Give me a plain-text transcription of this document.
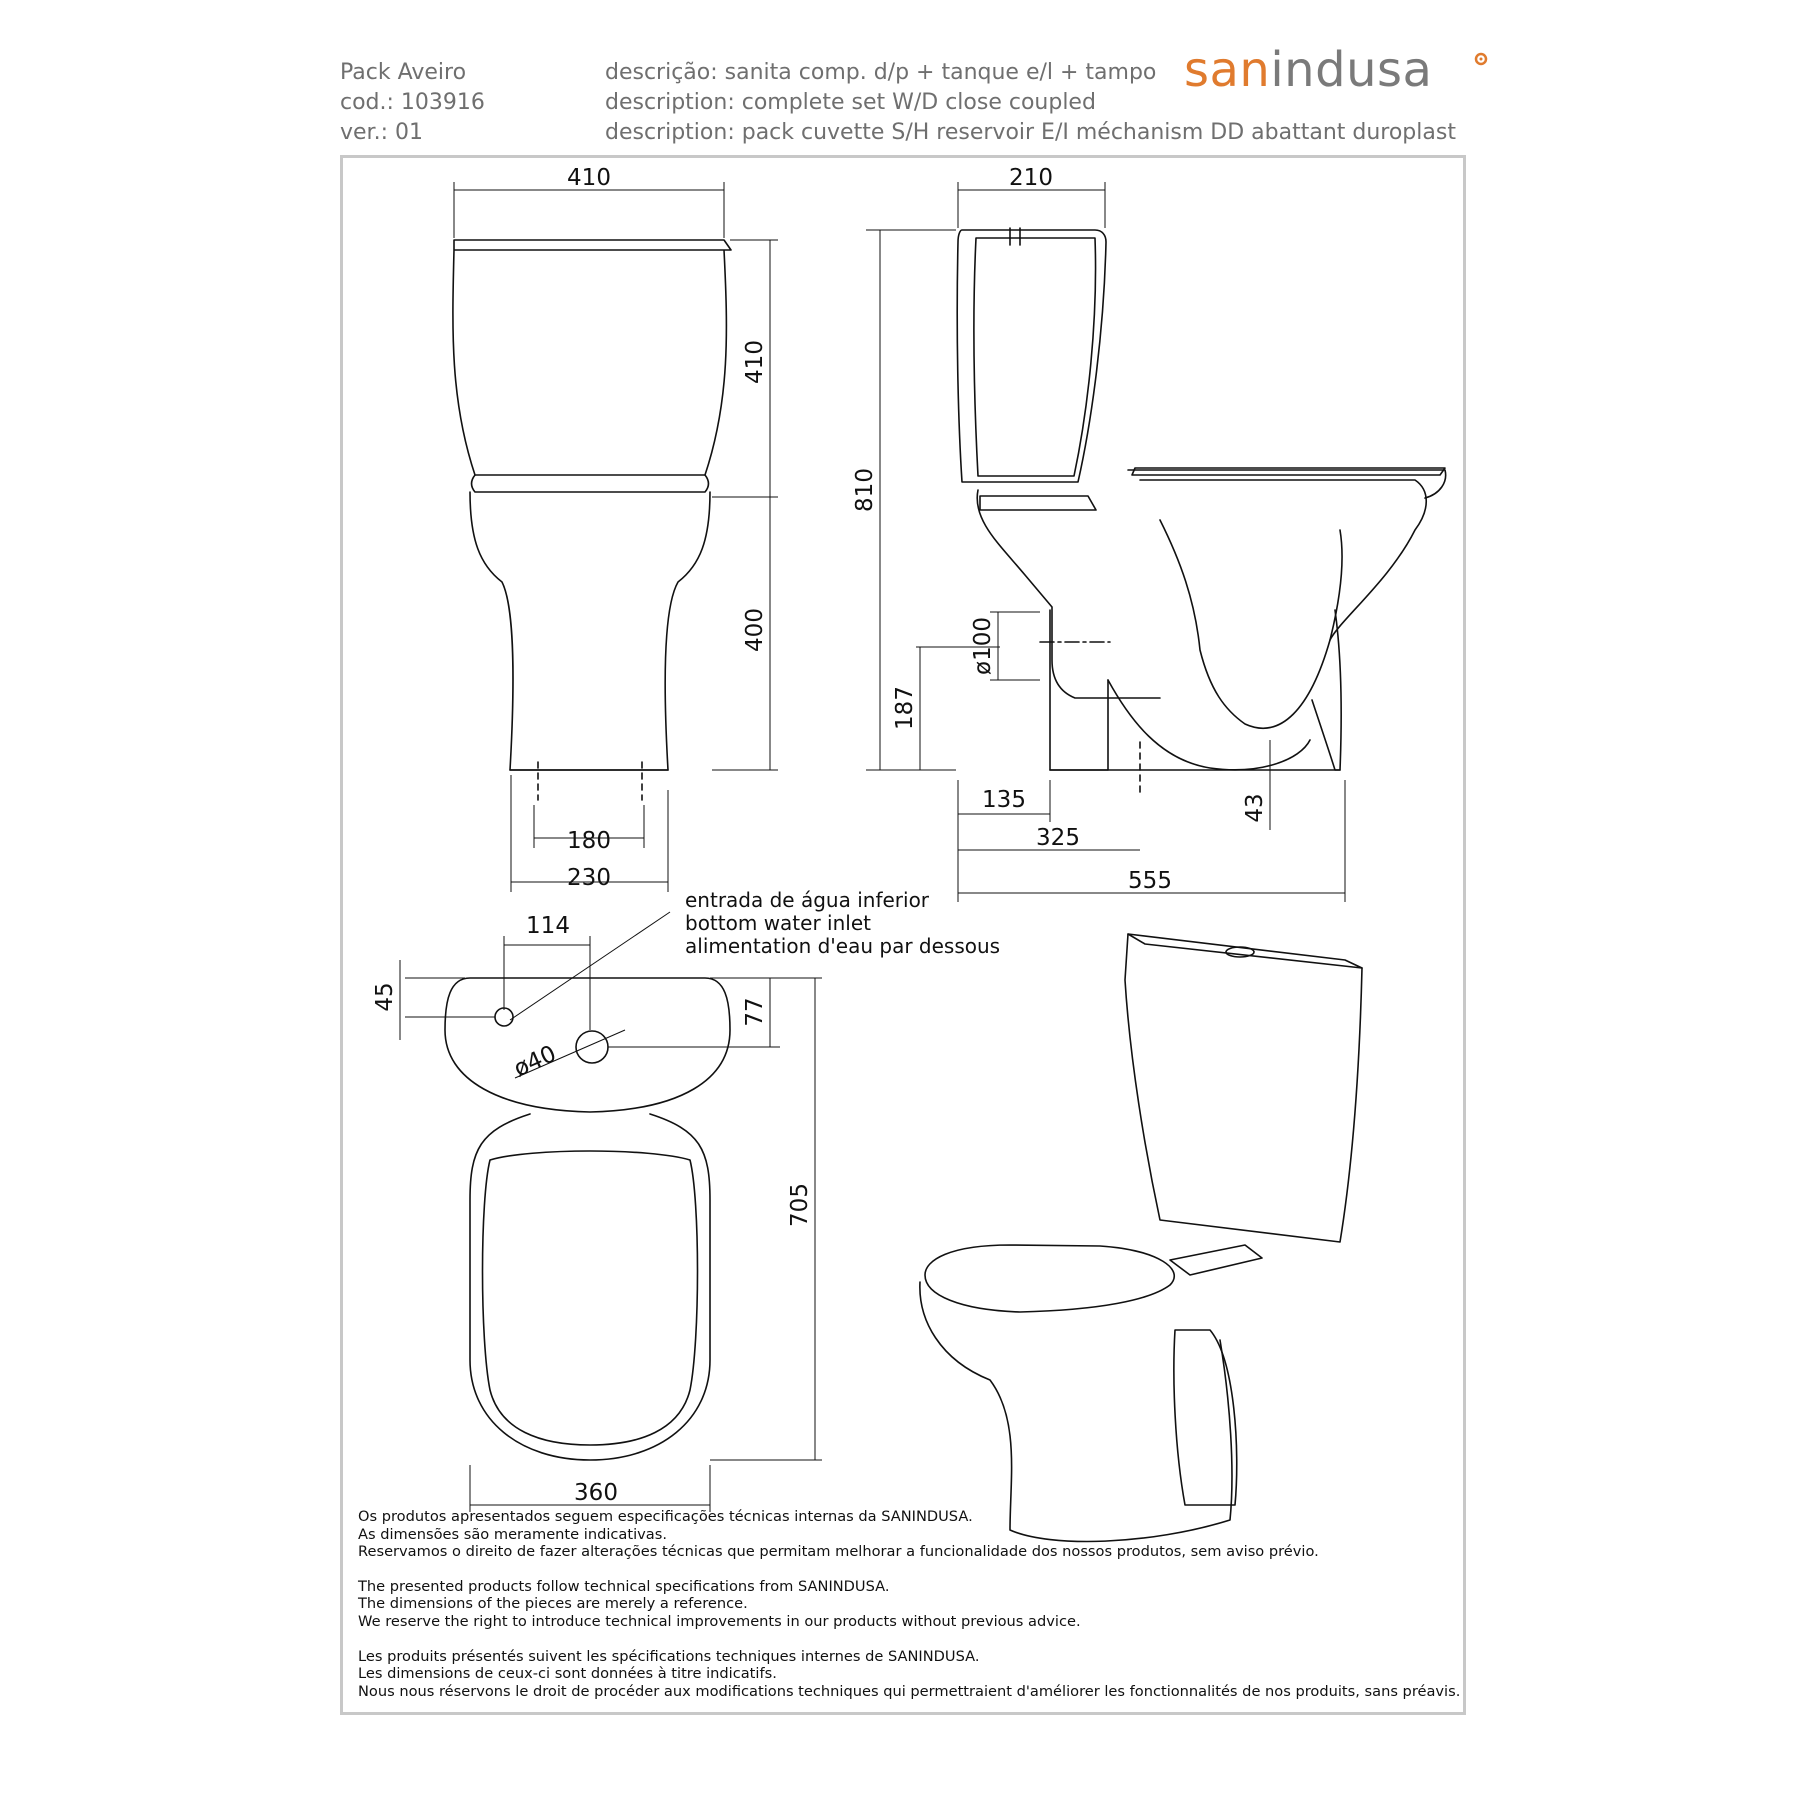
Pack Aveiro
cod.: 103916
ver.: 01
descrição: sanita comp. d/p + tanque e/l + tampo
description: complete set W/D close coupled
description: pack cuvette S/H reservoir E/I méchanism DD abattant duroplast
sanindusa
410
410
400
180
230
210
810
ø100
187
135
325
555
43
114
45
77
ø40
705
360
entrada de água inferior
bottom water inlet
alimentation d'eau par dessous
Os produtos apresentados seguem especificações técnicas internas da SANINDUSA.
As dimensões são meramente indicativas.
Reservamos o direito de fazer alterações técnicas que permitam melhorar a funcionalidade dos nossos produtos, sem aviso prévio.
The presented products follow technical specifications from SANINDUSA.
The dimensions of the pieces are merely a reference.
We reserve the right to introduce technical improvements in our products without previous advice.
Les produits présentés suivent les spécifications techniques internes de SANINDUSA.
Les dimensions de ceux-ci sont données à titre indicatifs.
Nous nous réservons le droit de procéder aux modifications techniques qui permettraient d'améliorer les fonctionnalités de nos produits, sans préavis.
